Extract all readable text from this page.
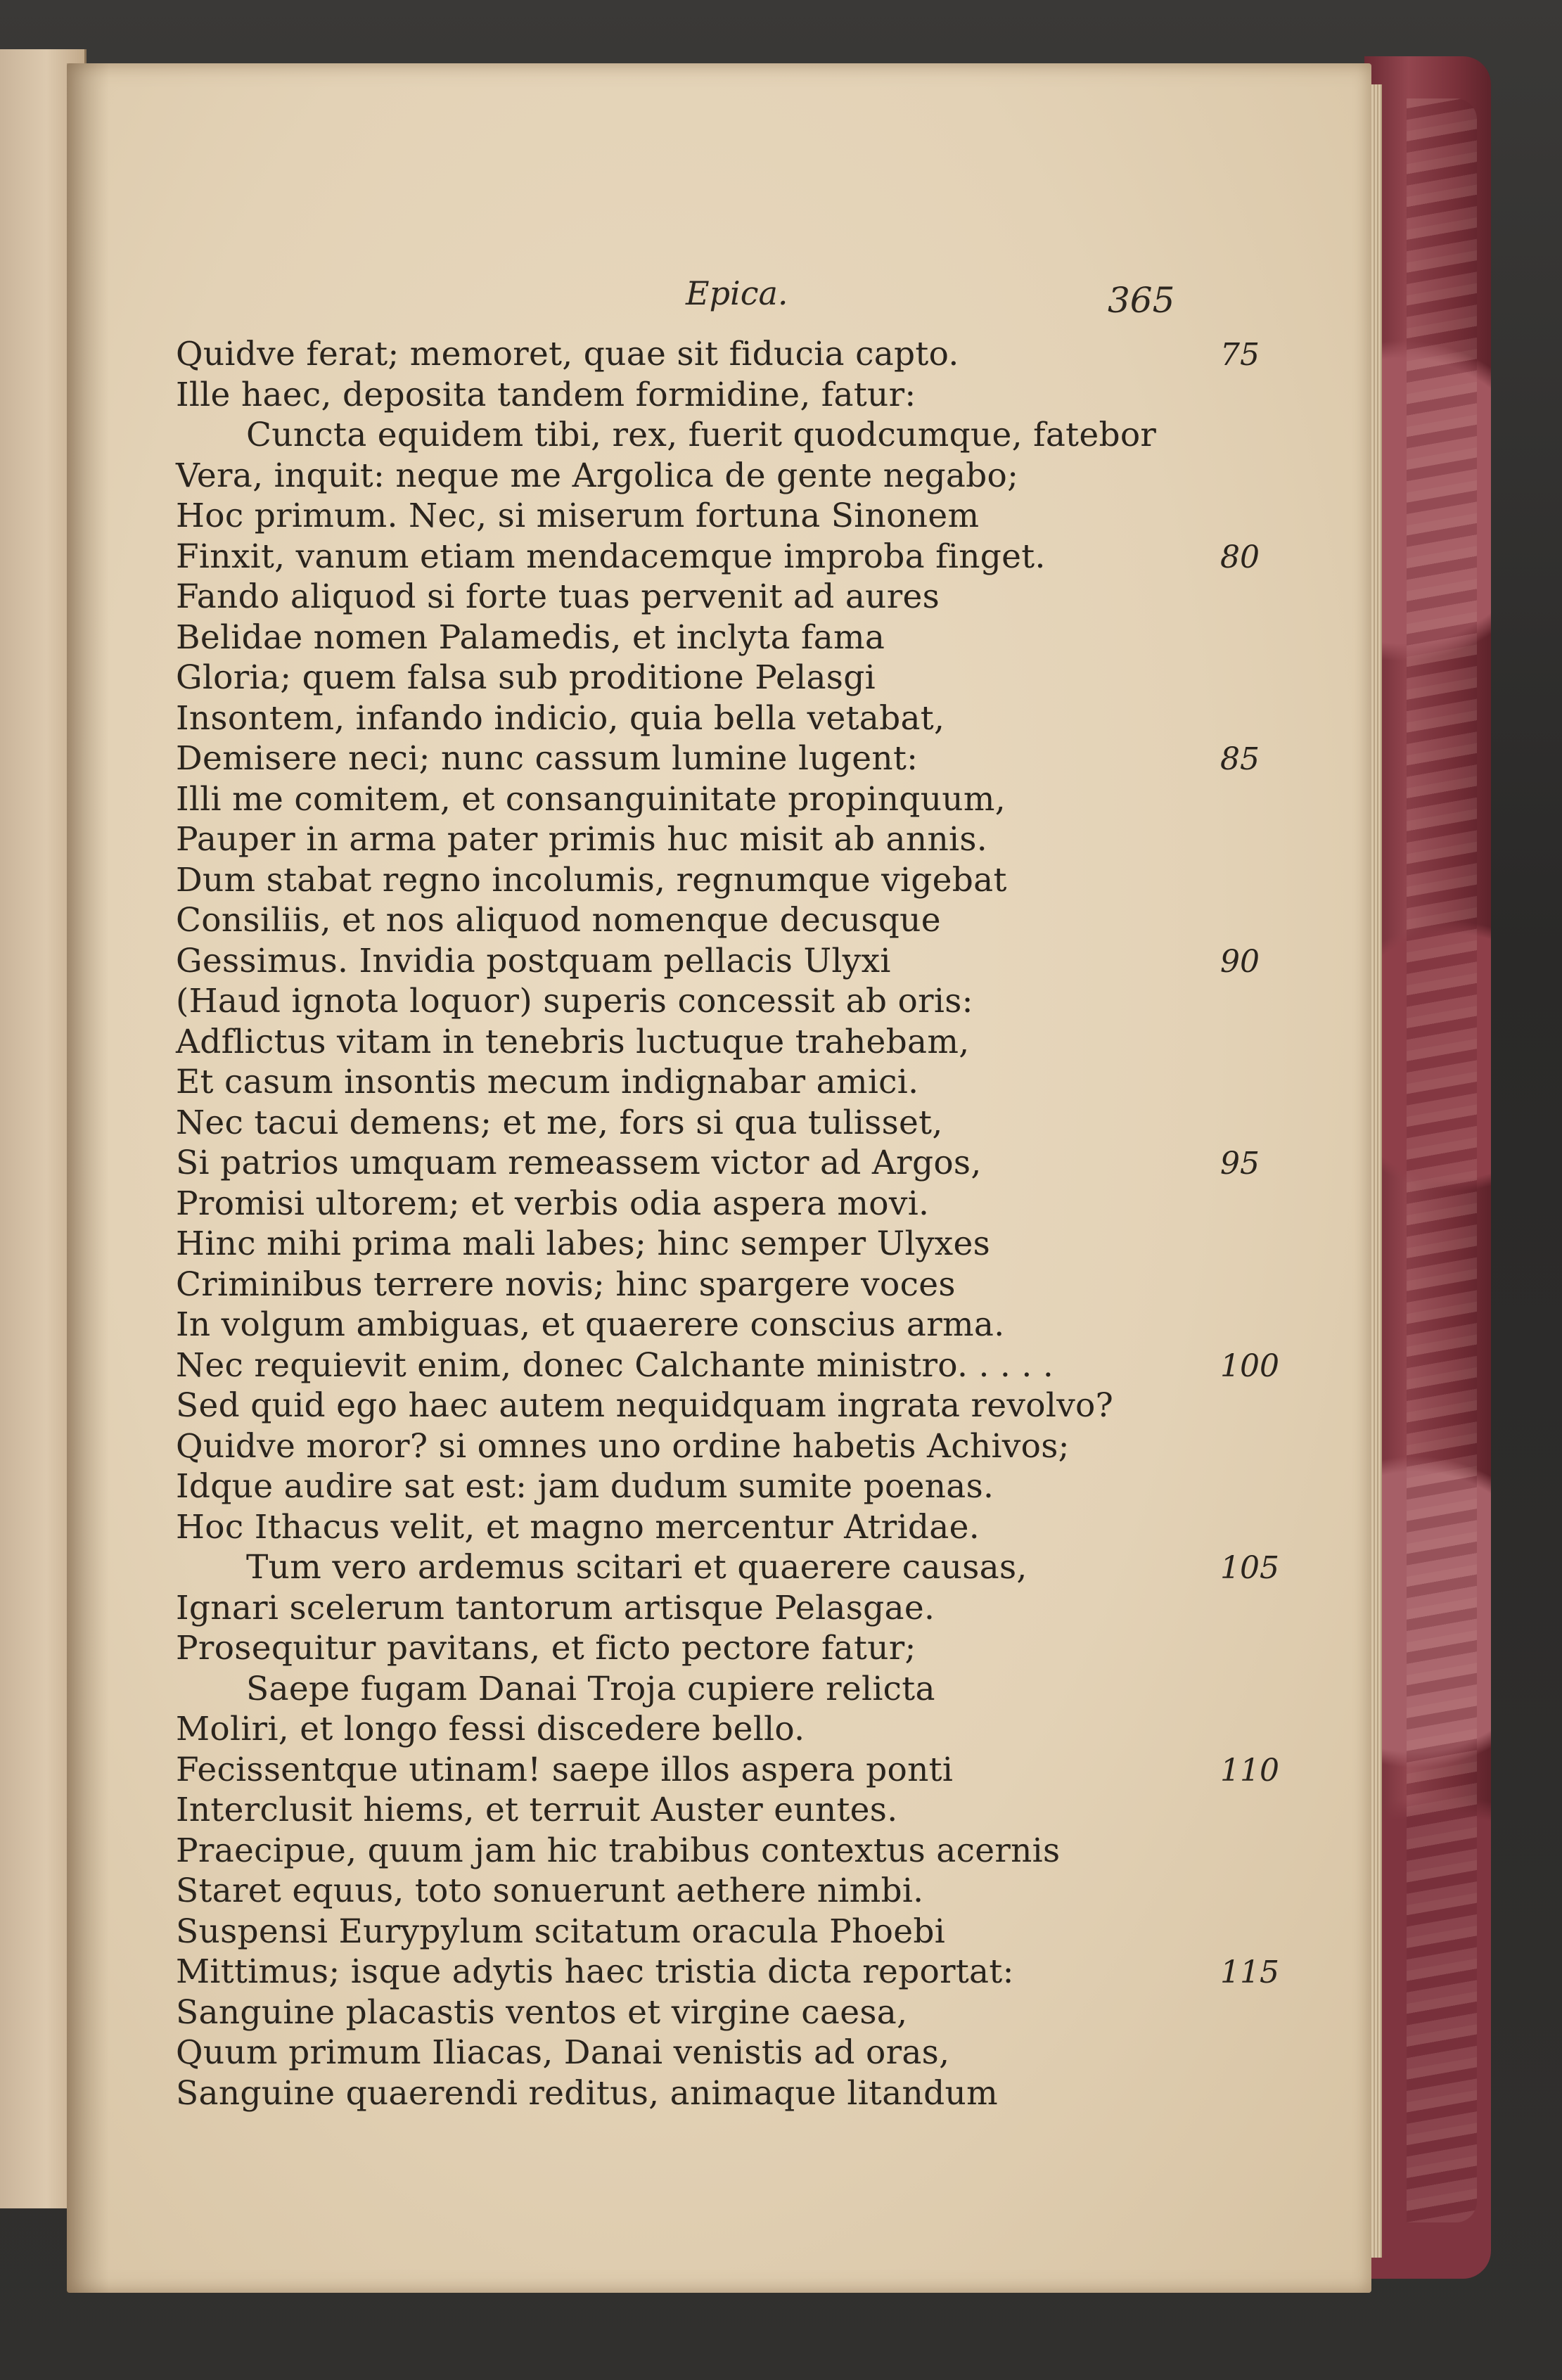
Epica.	365
Quidve ferat; memoret, quae sit fiducia capto.
Ille haec, deposita tandem formidine, fatur:
Cuncta equidem tibi, rex, fuerit quodcumque, fatebor
Vera, inquit: neque me Argolica de gente negabo;
Hoc primum. Nec, si miserum fortuna Sinonem
Finxit, vanum etiam mendacemque improba finget.
Fando aliquod si forte tuas pervenit ad aures
Belidae nomen Palamedis, et inclyta fama
Gloria; quem falsa sub proditione Pelasgi
Insontem, infando indicio, quia bella vetabat,
Demisere neci; nunc cassum lumine lugent:
Illi me comitem, et consanguinitate propinquum,
Pauper in arma pater primis huc misit ab annis.
Dum stabat regno incolumis, regnumque vigebat
Consiliis, et nos aliquod nomenque decusque
Gessimus. Invidia postquam pellacis Ulyxi
(Haud ignota loquor) superis concessit ab oris:
Adflictus vitam in tenebris luctuque trahebam,
Et casum insontis mecum indignabar amici.
Nec tacui demens; et me, fors si qua tulisset,
Si patrios umquam remeassem victor ad Argos,
Promisi ultorem; et verbis odia aspera movi.
Hinc mihi prima mali labes; hinc semper Ulyxes
Criminibus terrere novis; hinc spargere voces
In volgum ambiguas, et quaerere conscius arma.
Nec requievit enim, donec Calchante ministro. . . . .
Sed quid ego haec autem nequidquam ingrata revolvo?
Quidve moror? si omnes uno ordine habetis Achivos;
Idque audire sat est: jam dudum sumite poenas.
Hoc Ithacus velit, et magno mercentur Atridae.
Tum vero ardemus scitari et quaerere causas,
Ignari scelerum tantorum artisque Pelasgae.
Prosequitur pavitans, et ficto pectore fatur;
Saepe fugam Danai Troja cupiere relicta
Moliri, et longo fessi discedere bello.
Fecissentque utinam! saepe illos aspera ponti
Interclusit hiems, et terruit Auster euntes.
Praecipue, quum jam hic trabibus contextus acernis
Staret equus, toto sonuerunt aethere nimbi.
Suspensi Eurypylum scitatum oracula Phoebi
Mittimus; isque adytis haec tristia dicta reportat:
Sanguine placastis ventos et virgine caesa,
Quum primum Iliacas, Danai venistis ad oras,
Sanguine quaerendi reditus, animaque litandum
75
80
85
90
95
100
105
110
115
